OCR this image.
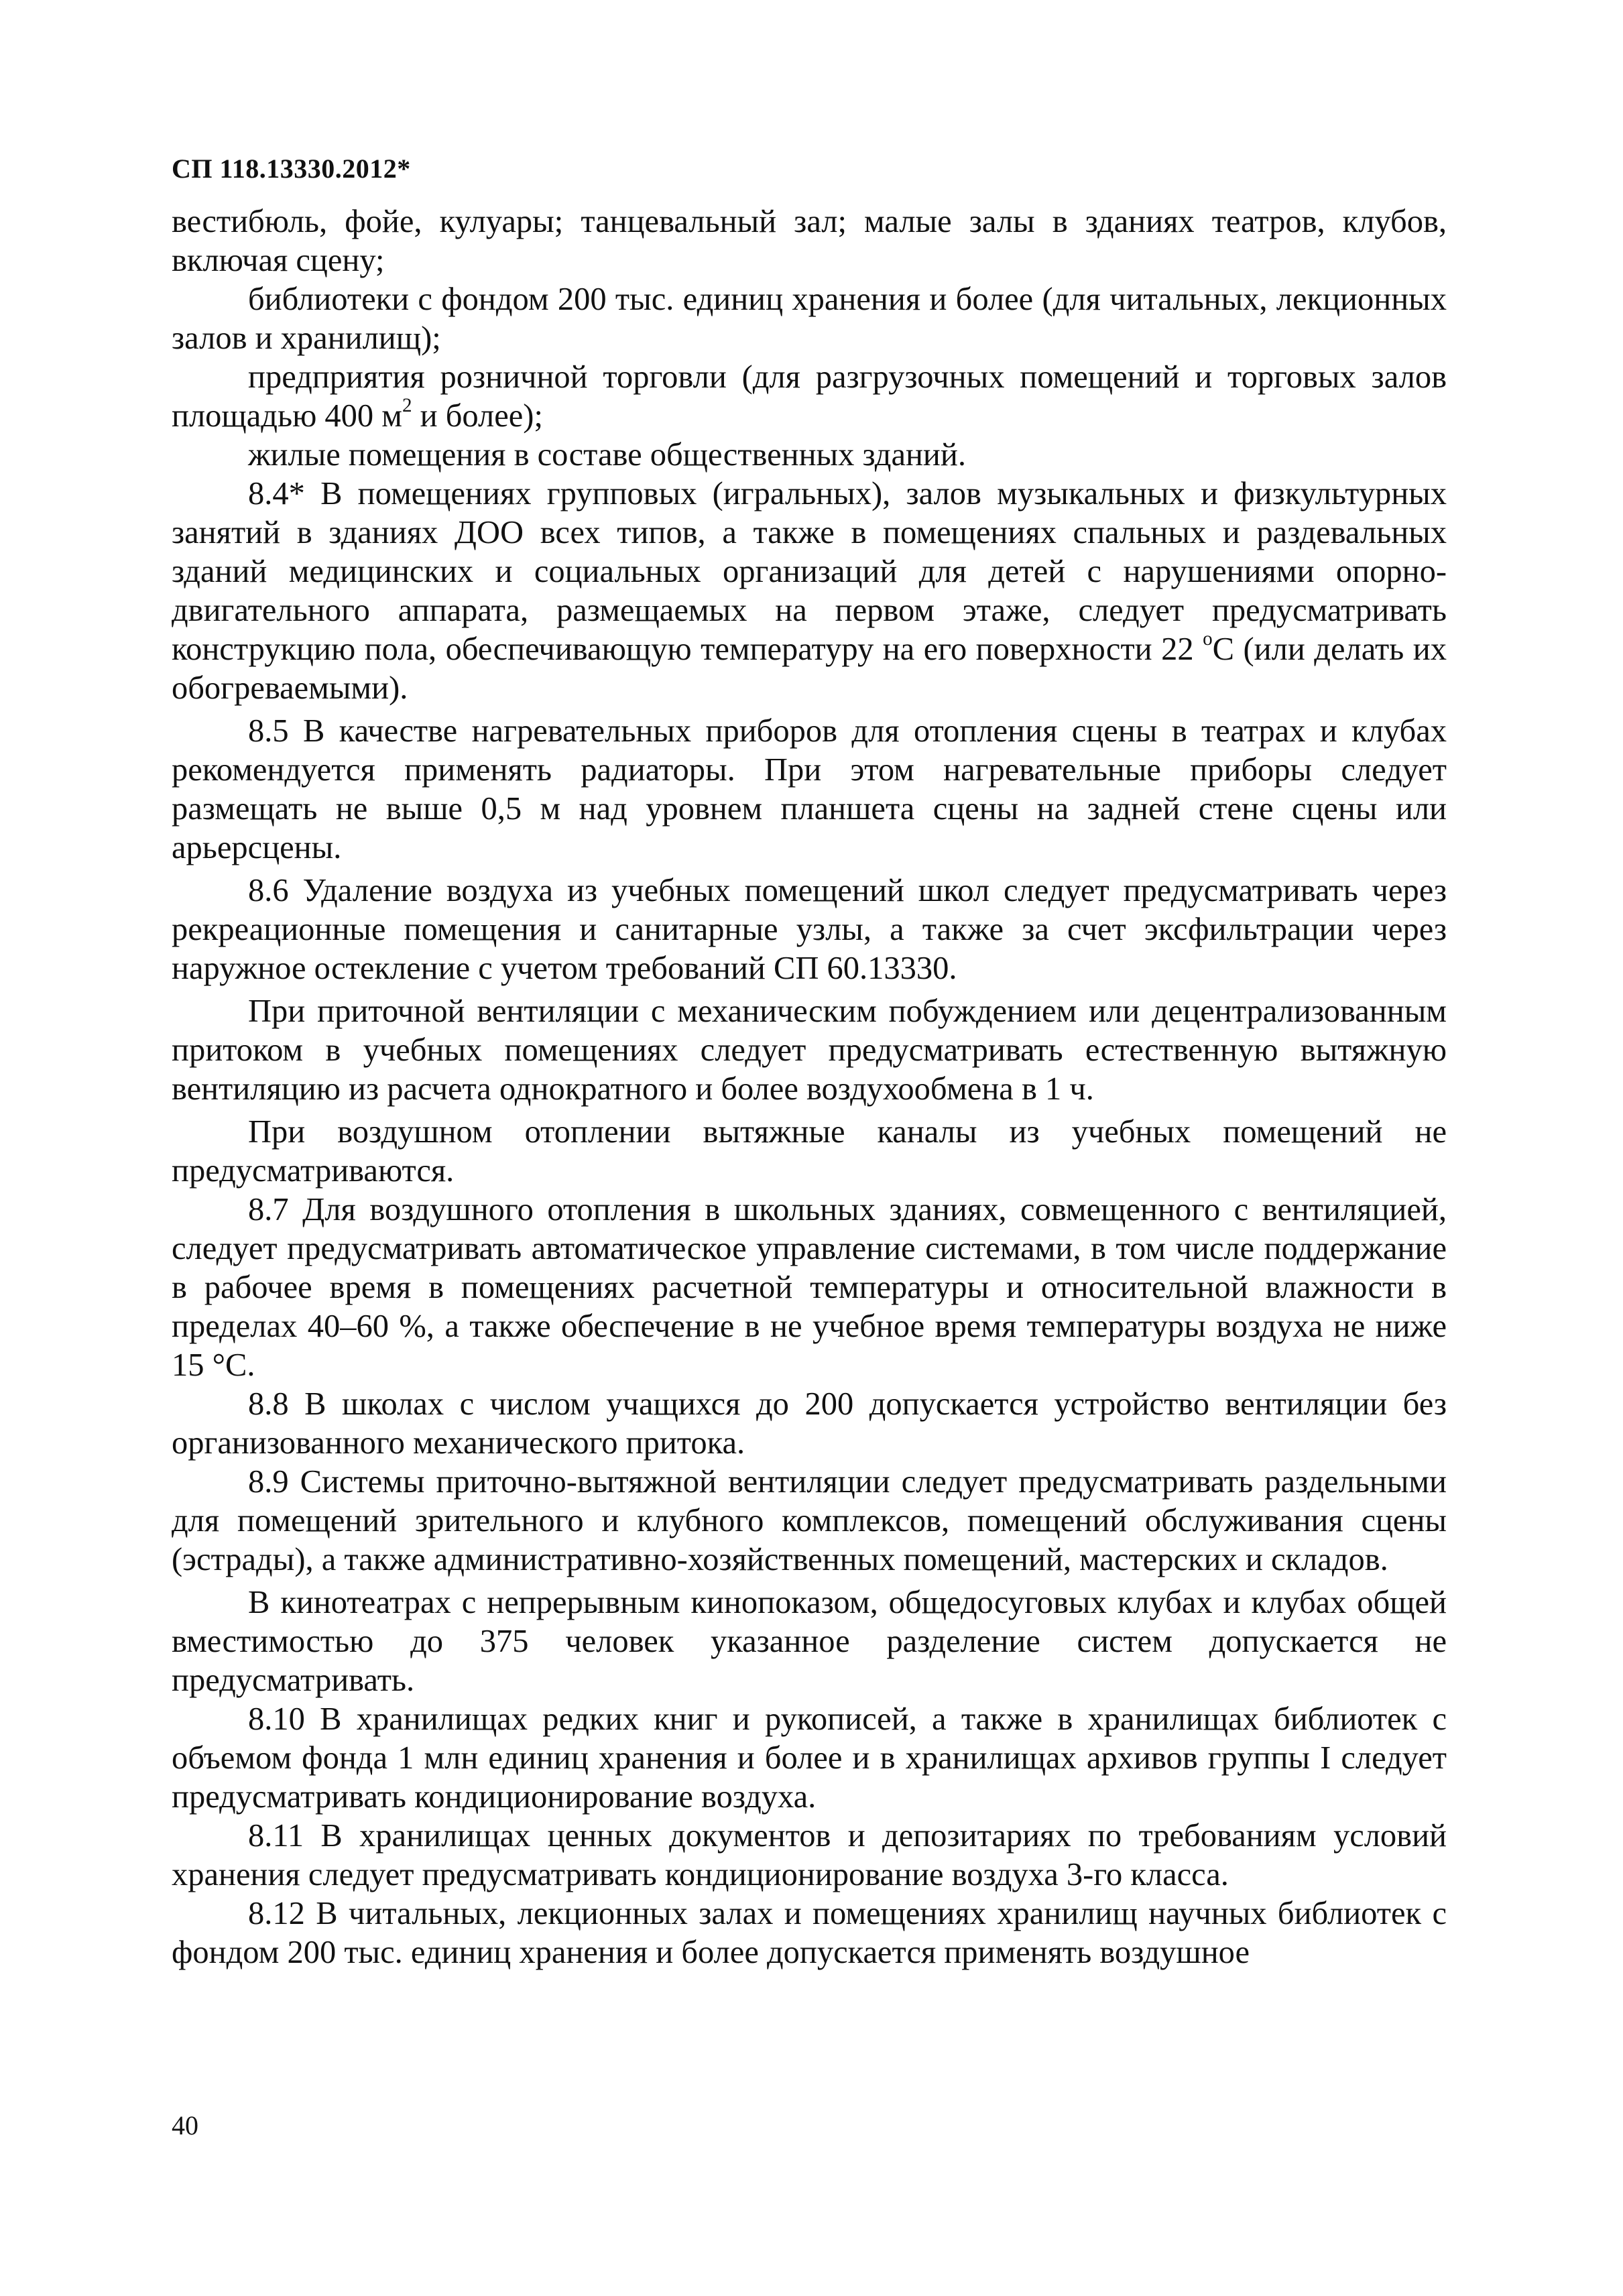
СП 118.13330.2012*

вестибюль, фойе, кулуары; танцевальный зал; малые залы в зданиях театров, клубов, включая сцену;

библиотеки с фондом 200 тыс. единиц хранения и более (для читальных, лекционных залов и хранилищ);

предприятия розничной торговли (для разгрузочных помещений и торговых залов площадью 400 $м^2$ и более);

жилые помещения в составе общественных зданий.

8.4* В помещениях групповых (игральных), залов музыкальных и физкультурных занятий в зданиях ДОО всех типов, а также в помещениях спальных и раздевальных зданий медицинских и социальных организаций для детей с нарушениями опорно-двигательного аппарата, размещаемых на первом этаже, следует предусматривать конструкцию пола, обеспечивающую температуру на его поверхности 22 $^о$С (или делать их обогреваемыми).

8.5 В качестве нагревательных приборов для отопления сцены в театрах и клубах рекомендуется применять радиаторы. При этом нагревательные приборы следует размещать не выше 0,5 м над уровнем планшета сцены на задней стене сцены или арьерсцены.

8.6 Удаление воздуха из учебных помещений школ следует предусматривать через рекреационные помещения и санитарные узлы, а также за счет эксфильтрации через наружное остекление с учетом требований СП 60.13330.

При приточной вентиляции с механическим побуждением или децентрализованным притоком в учебных помещениях следует предусматривать естественную вытяжную вентиляцию из расчета однократного и более воздухообмена в 1 ч.

При воздушном отоплении вытяжные каналы из учебных помещений не предусматриваются.

8.7 Для воздушного отопления в школьных зданиях, совмещенного с вентиляцией, следует предусматривать автоматическое управление системами, в том числе поддержание в рабочее время в помещениях расчетной температуры и относительной влажности в пределах 40–60 %, а также обеспечение в не учебное время температуры воздуха не ниже 15 °С.

8.8 В школах с числом учащихся до 200 допускается устройство вентиляции без организованного механического притока.

8.9 Системы приточно-вытяжной вентиляции следует предусматривать раздельными для помещений зрительного и клубного комплексов, помещений обслуживания сцены (эстрады), а также административно-хозяйственных помещений, мастерских и складов.

В кинотеатрах с непрерывным кинопоказом, общедосуговых клубах и клубах общей вместимостью до 375 человек указанное разделение систем допускается не предусматривать.

8.10 В хранилищах редких книг и рукописей, а также в хранилищах библиотек с объемом фонда 1 млн единиц хранения и более и в хранилищах архивов группы I следует предусматривать кондиционирование воздуха.

8.11 В хранилищах ценных документов и депозитариях по требованиям условий хранения следует предусматривать кондиционирование воздуха 3-го класса.

8.12 В читальных, лекционных залах и помещениях хранилищ научных библиотек с фондом 200 тыс. единиц хранения и более допускается применять воздушное

40
